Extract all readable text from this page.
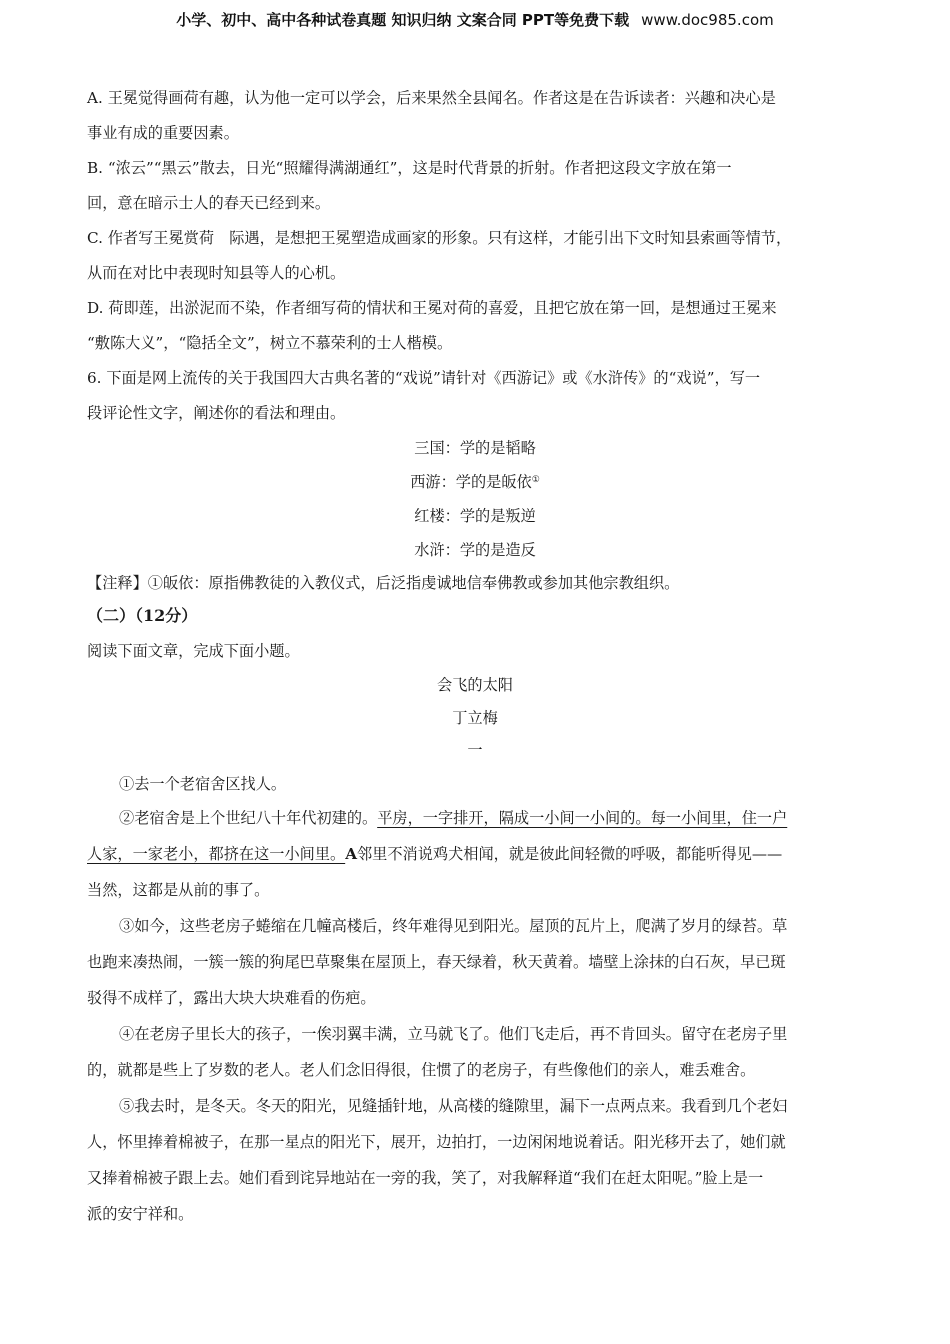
小学、初中、高中各种试卷真题 知识归纳 文案合同 PPT等免费下载 www.doc985.com
A. 王冕觉得画荷有趣，认为他一定可以学会，后来果然全县闻名。作者这是在告诉读者：兴趣和决心是
事业有成的重要因素。
B. “浓云”“黑云”散去，日光“照耀得满湖通红”，这是时代背景的折射。作者把这段文字放在第一
回，意在暗示士人的春天已经到来。
C. 作者写王冕赏荷　际遇，是想把王冕塑造成画家的形象。只有这样，才能引出下文时知县索画等情节，
从而在对比中表现时知县等人的心机。
D. 荷即莲，出淤泥而不染，作者细写荷的情状和王冕对荷的喜爱，且把它放在第一回，是想通过王冕来
“敷陈大义”，“隐括全文”，树立不慕荣利的士人楷模。
6. 下面是网上流传的关于我国四大古典名著的“戏说”请针对《西游记》或《水浒传》的“戏说”，写一
段评论性文字，阐述你的看法和理由。
三国：学的是韬略
西游：学的是皈依①
红楼：学的是叛逆
水浒：学的是造反
【注释】①皈依：原指佛教徒的入教仪式，后泛指虔诚地信奉佛教或参加其他宗教组织。
（二）（12分）
阅读下面文章，完成下面小题。
会飞的太阳
丁立梅
一
①去一个老宿舍区找人。
②老宿舍是上个世纪八十年代初建的。平房，一字排开，隔成一小间一小间的。每一小间里，住一户
人家，一家老小，都挤在这一小间里。A邻里不消说鸡犬相闻，就是彼此间轻微的呼吸，都能听得见——
当然，这都是从前的事了。
③如今，这些老房子蜷缩在几幢高楼后，终年难得见到阳光。屋顶的瓦片上，爬满了岁月的绿苔。草
也跑来凑热闹，一簇一簇的狗尾巴草聚集在屋顶上，春天绿着，秋天黄着。墙壁上涂抹的白石灰，早已斑
驳得不成样了，露出大块大块难看的伤疤。
④在老房子里长大的孩子，一俟羽翼丰满，立马就飞了。他们飞走后，再不肯回头。留守在老房子里
的，就都是些上了岁数的老人。老人们念旧得很，住惯了的老房子，有些像他们的亲人，难丢难舍。
⑤我去时，是冬天。冬天的阳光，见缝插针地，从高楼的缝隙里，漏下一点两点来。我看到几个老妇
人，怀里捧着棉被子，在那一星点的阳光下，展开，边拍打，一边闲闲地说着话。阳光移开去了，她们就
又捧着棉被子跟上去。她们看到诧异地站在一旁的我，笑了，对我解释道“我们在赶太阳呢。”脸上是一
派的安宁祥和。
